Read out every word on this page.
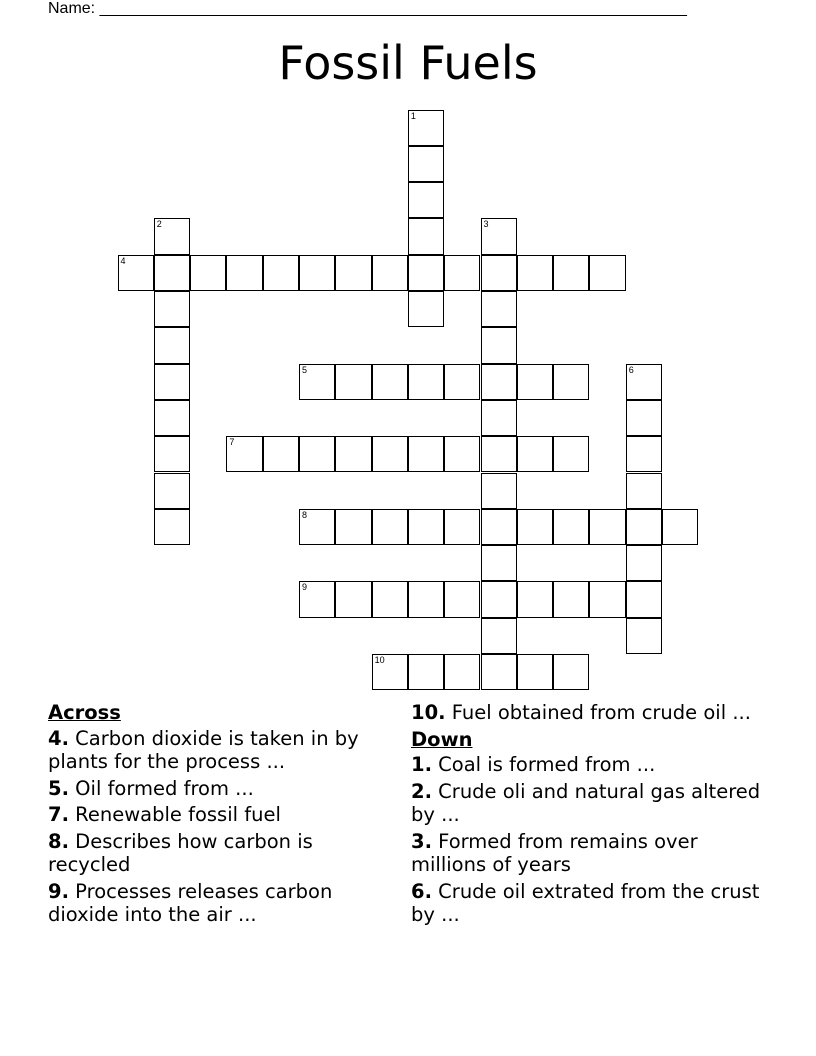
Name: __________________________________________________________________
Fossil Fuels
4
5
7
8
9
10
1
2	3
6
Across
4. Carbon dioxide is taken in by plants for the process ...
5. Oil formed from ...
7. Renewable fossil fuel
8. Describes how carbon is recycled
9. Processes releases carbon dioxide into the air ...
10. Fuel obtained from crude oil ...
Down
1. Coal is formed from ...
2. Crude oli and natural gas altered by ...
3. Formed from remains over millions of years
6. Crude oil extrated from the crust by ...
